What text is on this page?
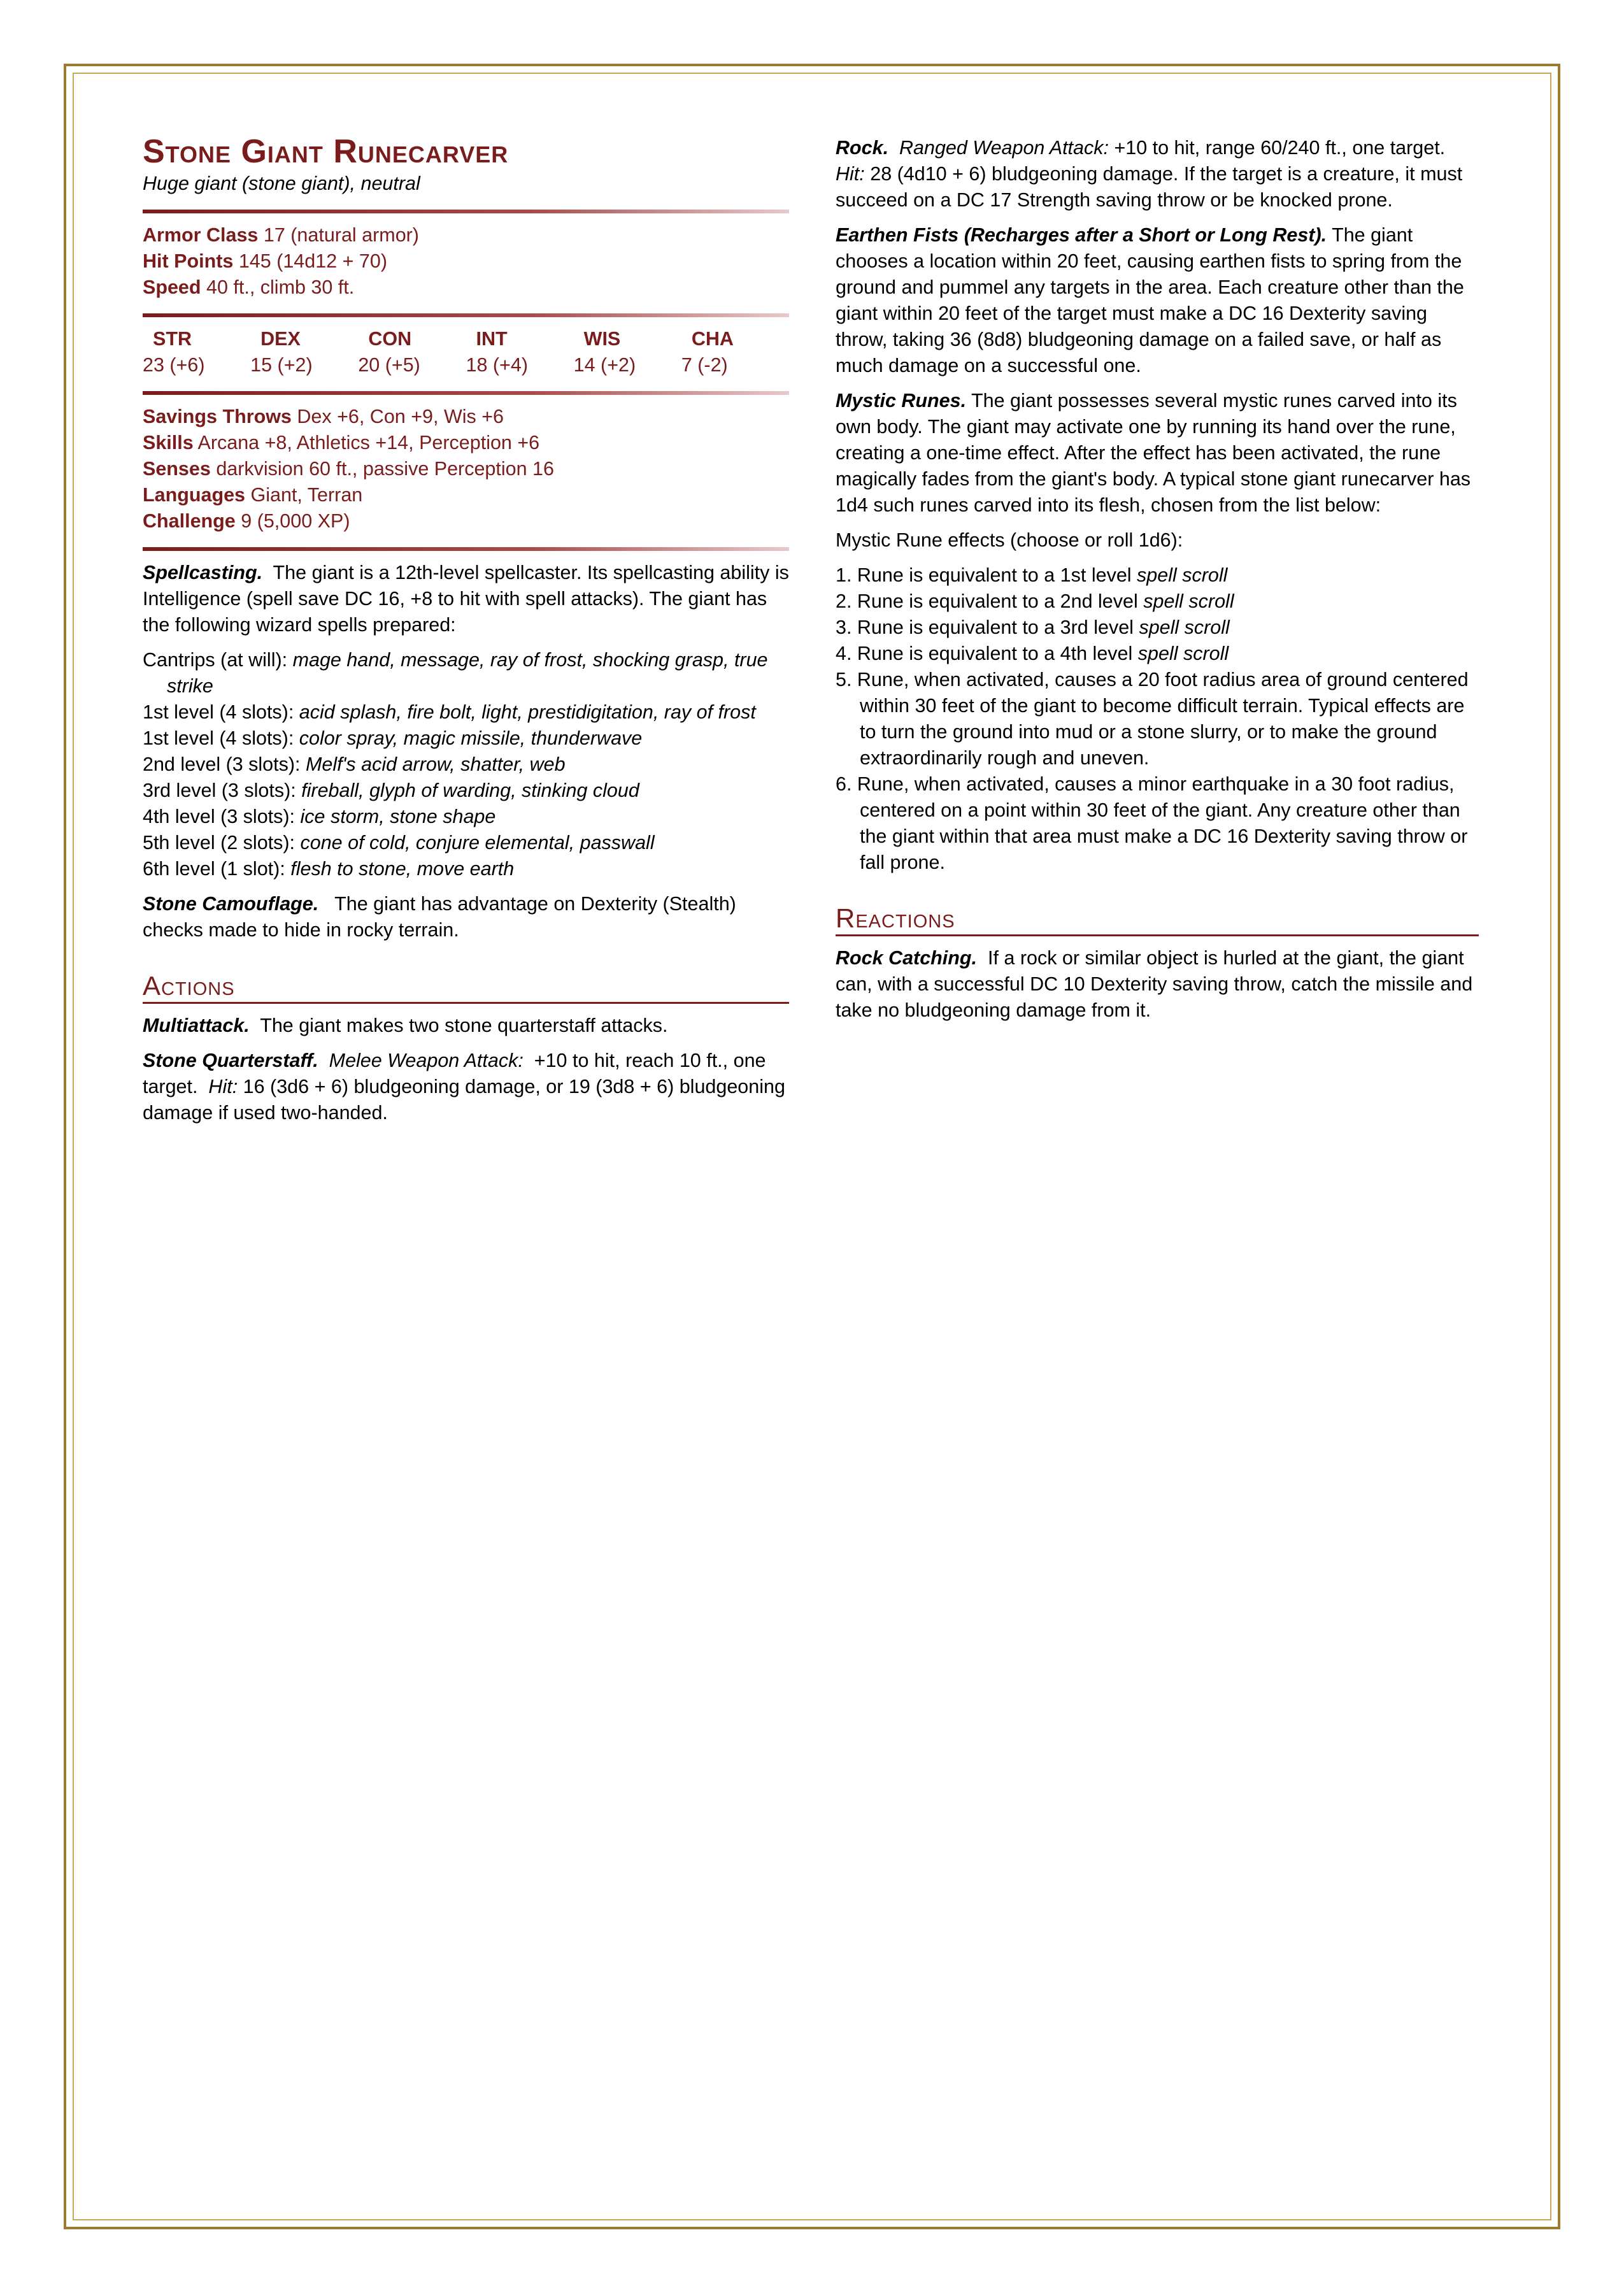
Stone Giant Runecarver

Huge giant (stone giant), neutral

Armor Class 17 (natural armor)

Hit Points 145 (14d12 + 70)

Speed 40 ft., climb 30 ft.

STR	DEX	CON	INT	WIS	CHA
23 (+6)	15 (+2)	20 (+5)	18 (+4)	14 (+2)	7 (-2)

Savings Throws Dex +6, Con +9, Wis +6

Skills Arcana +8, Athletics +14, Perception +6

Senses darkvision 60 ft., passive Perception 16

Languages Giant, Terran

Challenge 9 (5,000 XP)

Spellcasting. The giant is a 12th-level spellcaster. Its spellcasting ability is Intelligence (spell save DC 16, +8 to hit with spell attacks). The giant has the following wizard spells prepared:

Cantrips (at will): mage hand, message, ray of frost, shocking grasp, true strike

1st level (4 slots): acid splash, fire bolt, light, prestidigitation, ray of frost

1st level (4 slots): color spray, magic missile, thunderwave

2nd level (3 slots): Melf's acid arrow, shatter, web

3rd level (3 slots): fireball, glyph of warding, stinking cloud

4th level (3 slots): ice storm, stone shape

5th level (2 slots): cone of cold, conjure elemental, passwall

6th level (1 slot): flesh to stone, move earth

Stone Camouflage. The giant has advantage on Dexterity (Stealth) checks made to hide in rocky terrain.

Actions

Multiattack. The giant makes two stone quarterstaff attacks.

Stone Quarterstaff. Melee Weapon Attack: +10 to hit, reach 10 ft., one target. Hit: 16 (3d6 + 6) bludgeoning damage, or 19 (3d8 + 6) bludgeoning damage if used two-handed.

Rock. Ranged Weapon Attack: +10 to hit, range 60/240 ft., one target.  Hit: 28 (4d10 + 6) bludgeoning damage. If the target is a creature, it must succeed on a DC 17 Strength saving throw or be knocked prone.

Earthen Fists (Recharges after a Short or Long Rest). The giant chooses a location within 20 feet, causing earthen fists to spring from the ground and pummel any targets in the area. Each creature other than the giant within 20 feet of the target must make a DC 16 Dexterity saving throw, taking 36 (8d8) bludgeoning damage on a failed save, or half as much damage on a successful one.

Mystic Runes. The giant possesses several mystic runes carved into its own body. The giant may activate one by running its hand over the rune, creating a one-time effect. After the effect has been activated, the rune magically fades from the giant's body. A typical stone giant runecarver has 1d4 such runes carved into its flesh, chosen from the list below:

Mystic Rune effects (choose or roll 1d6):

1. Rune is equivalent to a 1st level spell scroll
2. Rune is equivalent to a 2nd level spell scroll
3. Rune is equivalent to a 3rd level spell scroll
4. Rune is equivalent to a 4th level spell scroll
5. Rune, when activated, causes a 20 foot radius area of ground centered within 30 feet of the giant to become difficult terrain. Typical effects are to turn the ground into mud or a stone slurry, or to make the ground extraordinarily rough and uneven.
6. Rune, when activated, causes a minor earthquake in a 30 foot radius, centered on a point within 30 feet of the giant. Any creature other than the giant within that area must make a DC 16 Dexterity saving throw or fall prone.
Reactions

Rock Catching. If a rock or similar object is hurled at the giant, the giant can, with a successful DC 10 Dexterity saving throw, catch the missile and take no bludgeoning damage from it.
